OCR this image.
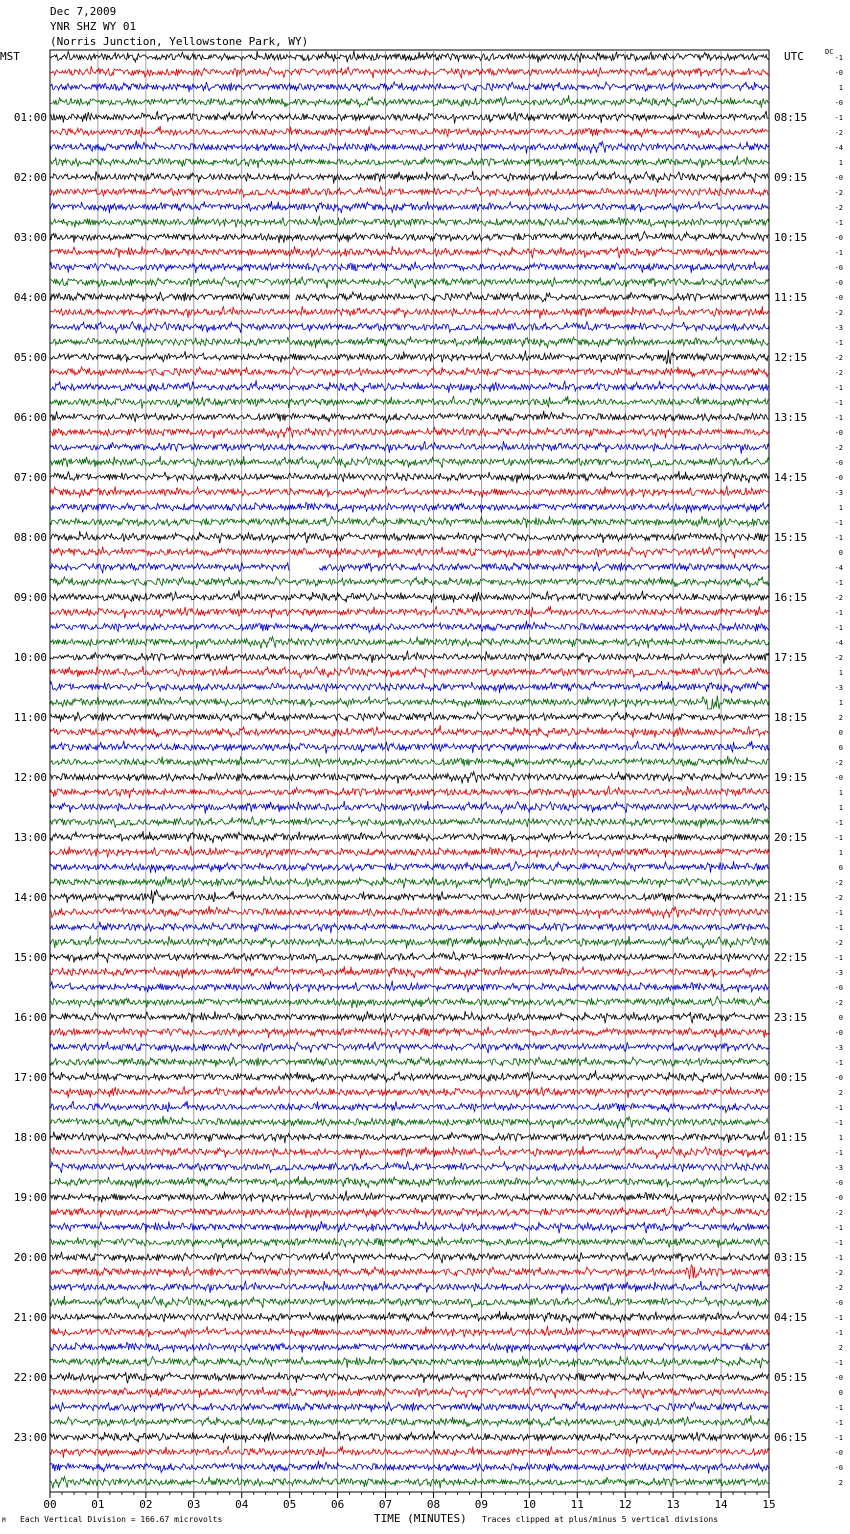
00	01	02	03	04	05	06	07	08	09	10	11	12	13	14	15
-1
-0
1
-0
-1
-2
-4
1
-0
-2
-2
-1
-0
-1
-0
-0
-0
-2
-3
-1
-2
-2
-1
-1
-1
-0
-2
-0
-0
-3
1
-1
-1
0
-4
-1
-2
-1
-1
-4
-2
1
-3
1
2
0
0
-2
-0
1
1
-1
-1
1
0
-2
-2
-1
-1
-2
-1
-3
-0
-2
0
-0
-3
-1
-0
2
-1
-1
1
-1
-3
-0
-0
-2
-1
-1
-1
-2
-2
-0
-1
-1
2
-1
-0
0
-1
-1
-1
-0
-0
2
01:00
02:00
03:00
04:00
05:00
06:00
07:00
08:00
09:00
10:00
11:00
12:00
13:00
14:00
15:00
16:00
17:00
18:00
19:00
20:00
21:00
22:00
23:00
08:15
09:15
10:15
11:15
12:15
13:15
14:15
15:15
16:15
17:15
18:15
19:15
20:15
21:15
22:15
23:15
00:15
01:15
02:15
03:15
04:15
05:15
06:15
Dec 7,2009
YNR SHZ WY 01
(Norris Junction, Yellowstone Park, WY)
MST	UTC	DC
M Each Vertical Division = 166.67 microvolts	TIME (MINUTES) Traces clipped at plus/minus 5 vertical divisions
